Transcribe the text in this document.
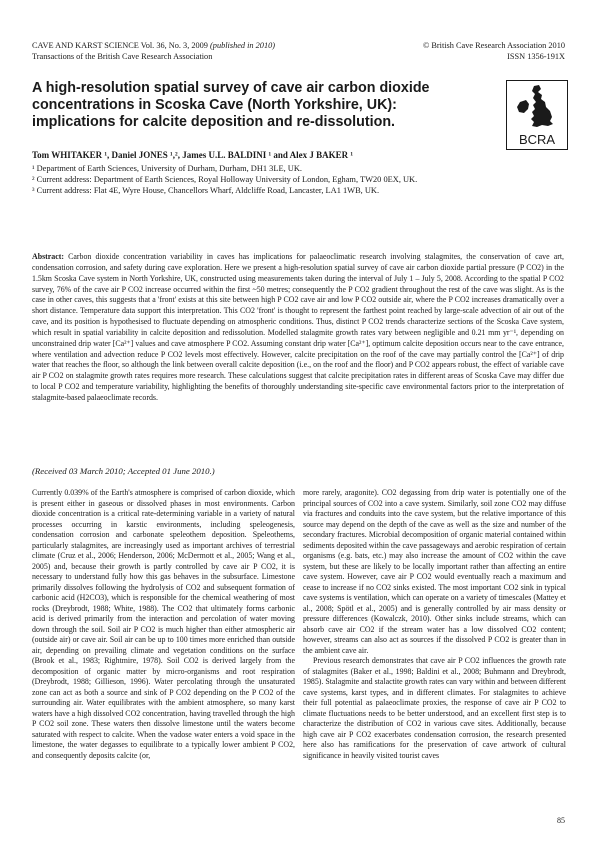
CAVE AND KARST SCIENCE Vol. 36, No. 3, 2009 (published in 2010)
Transactions of the British Cave Research Association
© British Cave Research Association 2010
ISSN 1356-191X
A high-resolution spatial survey of cave air carbon dioxide concentrations in Scoska Cave (North Yorkshire, UK): implications for calcite deposition and re-dissolution.
BCRA
Tom WHITAKER ¹, Daniel JONES ¹,², James U.L. BALDINI ¹ and Alex J BAKER ¹

¹ Department of Earth Sciences, University of Durham, Durham, DH1 3LE, UK.

² Current address: Department of Earth Sciences, Royal Holloway University of London, Egham, TW20 0EX, UK.

³ Current address: Flat 4E, Wyre House, Chancellors Wharf, Aldcliffe Road, Lancaster, LA1 1WB, UK.

Abstract: Carbon dioxide concentration variability in caves has implications for palaeoclimatic research involving stalagmites, the conservation of cave art, condensation corrosion, and safety during cave exploration. Here we present a high-resolution spatial survey of cave air carbon dioxide partial pressure (P CO2) in the 1.5km Scoska Cave system in North Yorkshire, UK, constructed using measurements taken during the interval of July 1 – July 5, 2008. According to the spatial P CO2 survey, 76% of the cave air P CO2 increase occurred within the first ~50 metres; consequently the P CO2 gradient throughout the rest of the cave was slight. As is the case in other caves, this suggests that a 'front' exists at this site between high P CO2 cave air and low P CO2 outside air, where the P CO2 increases dramatically over a short distance. Temperature data support this interpretation. This CO2 'front' is thought to represent the farthest point reached by large-scale advection of air out of the cave, and its position is hypothesised to fluctuate depending on atmospheric conditions. Thus, distinct P CO2 trends characterize sections of the Scoska Cave system, which result in spatial variability in calcite deposition and redissolution. Modelled stalagmite growth rates vary between negligible and 0.21 mm yr⁻¹, depending on unconstrained drip water [Ca²⁺] values and cave atmosphere P CO2. Assuming constant drip water [Ca²⁺], optimum calcite deposition occurs near to the cave entrance, where ventilation and advection reduce P CO2 levels most effectively. However, calcite precipitation on the roof of the cave may partially control the [Ca²⁺] of drip water that reaches the floor, so although the link between overall calcite deposition (i.e., on the roof and the floor) and P CO2 appears robust, the effect of variable cave air P CO2 on stalagmite growth rates requires more research. These calculations suggest that calcite precipitation rates in different areas of Scoska Cave may differ due to local P CO2 and temperature variability, highlighting the benefits of thoroughly understanding site-specific cave environmental factors prior to the interpretation of stalagmite-based palaeoclimate records.

(Received 03 March 2010; Accepted 01 June 2010.)

Currently 0.039% of the Earth's atmosphere is comprised of carbon dioxide, which is present either in gaseous or dissolved phases in most environments. Carbon dioxide concentration is a critical rate-determining variable in a variety of natural processes occurring in karstic environments, including speleogenesis, condensation corrosion and carbonate speleothem deposition. Speleothems, particularly stalagmites, are increasingly used as important archives of terrestrial climate (Cruz et al., 2006; Henderson, 2006; McDermott et al., 2005; Wang et al., 2005) and, because their growth is partly controlled by cave air P CO2, it is necessary to understand fully how this gas behaves in the subsurface. Limestone primarily dissolves following the hydrolysis of CO2 and subsequent formation of carbonic acid (H2CO3), which is responsible for the chemical weathering of most rocks (Dreybrodt, 1988; White, 1988). The CO2 that ultimately forms carbonic acid is derived primarily from the interaction and percolation of water moving down through the soil. Soil air P CO2 is much higher than either atmospheric air (outside air) or cave air. Soil air can be up to 100 times more enriched than outside air, depending on prevailing climate and vegetation conditions on the surface (Brook et al., 1983; Rightmire, 1978). Soil CO2 is derived largely from the decomposition of organic matter by micro-organisms and root respiration (Dreybrodt, 1988; Gillieson, 1996). Water percolating through the unsaturated zone can act as both a source and sink of P CO2 depending on the P CO2 of the surrounding air. Water equilibrates with the ambient atmosphere, so many karst waters have a high dissolved CO2 concentration, having travelled through the high P CO2 soil zone. These waters then dissolve limestone until the waters become saturated with respect to calcite. When the vadose water enters a void space in the limestone, the water degasses to equilibrate to a typically lower ambient P CO2, and consequently deposits calcite (or,

more rarely, aragonite). CO2 degassing from drip water is potentially one of the principal sources of CO2 into a cave system. Similarly, soil zone CO2 may diffuse via fractures and conduits into the cave system, but the relative importance of this source may depend on the depth of the cave as well as the size and number of the secondary fractures. Microbial decomposition of organic material contained within sediments deposited within the cave passageways and aerobic respiration of certain organisms (e.g. bats, etc.) may also increase the amount of CO2 within the cave system, but these are likely to be locally important rather than affecting an entire cave system. However, cave air P CO2 would eventually reach a maximum and cease to increase if no CO2 sinks existed. The most important CO2 sink in typical cave systems is ventilation, which can operate on a variety of timescales (Mattey et al., 2008; Spötl et al., 2005) and is generally controlled by air mass density or pressure differences (Kowalczk, 2010). Other sinks include streams, which can absorb cave air CO2 if the stream water has a low dissolved CO2 content; however, streams can also act as sources if the dissolved P CO2 is greater than in the ambient cave air.

Previous research demonstrates that cave air P CO2 influences the growth rate of stalagmites (Baker et al., 1998; Baldini et al., 2008; Buhmann and Dreybrodt, 1985). Stalagmite and stalactite growth rates can vary within and between different cave systems, karst types, and in different climates. For stalagmites to achieve their full potential as palaeoclimate proxies, the response of cave air P CO2 to climate fluctuations needs to be better understood, and an excellent first step is to characterize the distribution of CO2 in various cave sites. Additionally, because high cave air P CO2 exacerbates condensation corrosion, the research presented here also has ramifications for the preservation of cave artwork of cultural significance in heavily visited tourist caves

85
